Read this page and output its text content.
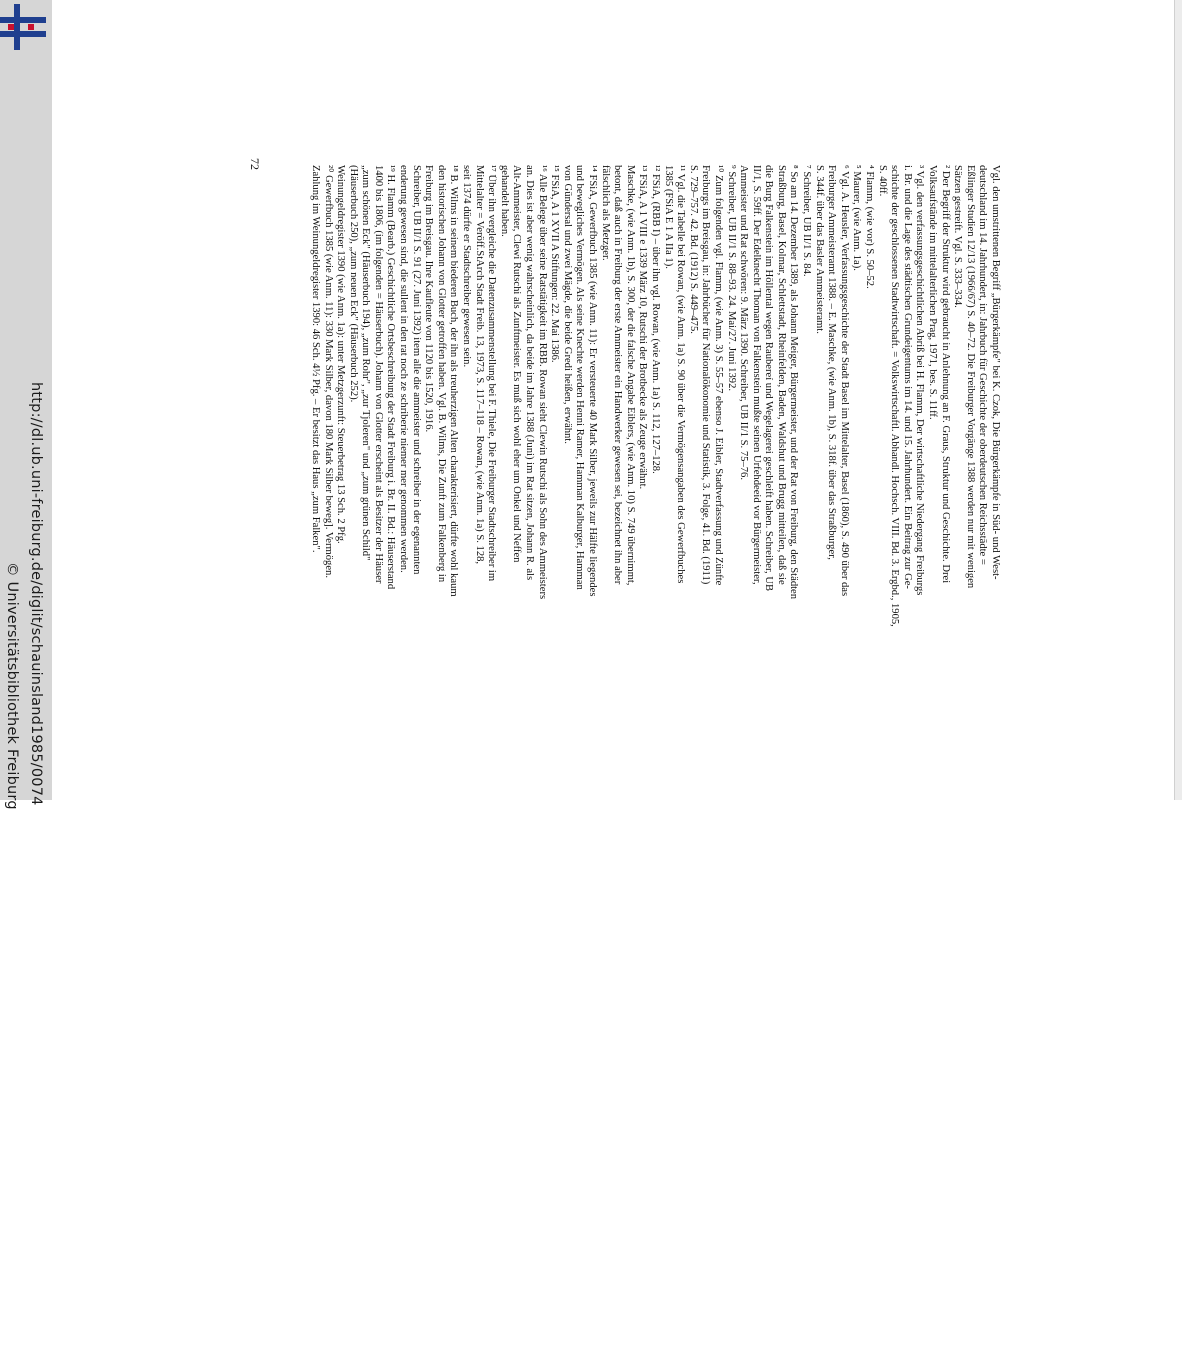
http://dl.ub.uni-freiburg.de/diglit/schauinsland1985/0074
© Universitätsbibliothek Freiburg

Vgl. den umstrittenen Begriff „Bürgerkämpfe" bei K. Czok, Die Bürgerkämpfe in Süd- und West-

deutschland im 14. Jahrhundert, in: Jahrbuch für Geschichte der oberdeutschen Reichsstädte =

Eßlinger Studien 12/13 (1966/67) S. 40–72. Die Freiburger Vorgänge 1388 werden nur mit wenigen

Sätzen gestreift. Vgl. S. 333–334.

² Der Begriff der Struktur wird gebraucht in Anlehnung an F. Graus, Struktur und Geschichte. Drei

Volksaufstände im mittelalterlichen Prag, 1971, bes. S. 11ff.

³ Vgl. den verfassungsgeschichtlichen Abriß bei H. Flamm, Der wirtschaftliche Niedergang Freiburgs

i. Br. und die Lage des städtischen Grundeigentums im 14. und 15. Jahrhundert. Ein Beitrag zur Ge-

schichte der geschlossenen Stadtwirtschaft. = Volkswirtschaftl. Abhandl. Hochsch. VIII. Bd. 3. Ergbd., 1905,

S. 40ff.

⁴ Flamm, (wie vor) S. 50–52.

⁵ Maurer, (wie Anm. 1a).

⁶ Vgl. A. Heusler, Verfassungsgeschichte der Stadt Basel im Mittelalter, Basel (1860), S. 490 über das

Freiburger Ammeisteramt 1388. – E. Maschke, (wie Anm. 1b), S. 318f. über das Straßburger,

S. 344f. über das Basler Ammeisteramt.

⁷ Schreiber, UB II/1 S. 84.

⁸ So am 14. Dezember 1389, als Johann Meiger, Bürgermeister, und der Rat von Freiburg, den Städten

Straßburg, Basel, Kolmar, Schlettstadt, Rheinfelden, Baden, Waldshut und Brugg mitteilen, daß sie

die Burg Falkenstein im Höllental wegen Raubereí und Wegelagerei geschleift haben. Schreiber, UB

II/1, S. 59ff. Der Edelknecht Thoman von Falkenstein mußte seinen Urfehdeeid vor Bürgermeister,

Ammeister und Rat schwören: 9. März 1390. Schreiber, UB II/1 S. 75–76.

⁹ Schreiber, UB II/1 S. 88–93. 24. Mai/27. Juni 1392.

¹⁰ Zum folgenden vgl. Flamm, (wie Anm. 3) S. 55–57 ebenso J. Eibler, Stadtverfassung und Zünfte

Freiburgs im Breisgau, in: Jahrbücher für Nationalökonomie und Statistik, 3. Folge, 41. Bd. (1911)

S. 729–757. 42. Bd. (1912) S. 449–475.

¹¹ Vgl. die Tabelle bei Rowan, (wie Anm. 1a) S. 90 über die Vermögensangaben des Gewerfbuches

1385 (FSiA E 1 A IIa 1).

¹² FSiA, (RBB I) – über ihn vgl. Rowan, (wie Anm. 1a) S. 112, 127–128.

¹³ FSiA, A 1 VIII e 1339 März 10, Rutschi der Brotbecke als Zeuge erwähnt.

Maschke, (wie Anm. 1b), S. 300, der die falsche Angabe Eiblers, (wie Anm. 10) S. 749 übernimmt,

betont, daß auch in Freiburg der erste Ammeister ein Handwerker gewesen sei, bezeichnet ihn aber

fälschlich als Metzger.

¹⁴ FSiA, Gewerfbuch 1385 (wie Anm. 11): Er versteuerte 40 Mark Silber, jeweils zur Hälfte liegendes

und bewegliches Vermögen. Als seine Knechte werden Henni Ramer, Hamman Kalburger, Hamman

von Gündersal und zwei Mägde, die beide Gredi heißen, erwähnt.

¹⁵ FSiA, A 1 XVII A Stiftungen: 22. Mai 1386.

¹⁶ Alle Belege über seine Ratstätigkeit im RBB. Rowan sieht Clewin Rutschi als Sohn des Ammeisters

an. Dies ist aber wenig wahrscheinlich, da beide im Jahre 1388 (Juni) im Rat sitzen, Johann R. als

Alt-Ammeister, Clewi Rutschi als Zunftmeister. Es muß sich wohl eher um Onkel und Neffen

gehandelt haben.

¹⁷ Über ihn vergleiche die Datenzusammenstellung bei F. Thiele, Die Freiburger Stadtschreiber im

Mittelalter = Veröff.StArch Stadt Freib. 13, 1973, S. 117–118 – Rowan, (wie Anm. 1a) S. 128,

seit 1374 dürfte er Stadtschreiber gewesen sein.

¹⁸ B. Wilms in seinem biederen Buch, der ihn als treuherzigen Alten charakterisiert, dürfte wohl kaum

den historischen Johann von Glotter getroffen haben. Vgl. B. Wilms, Die Zunft zum Falkenberg in

Freiburg im Breisgau. Ihre Kaufleute von 1120 bis 1520, 1916.

Schreiber, UB II/1 S. 91 (27. Juni 1392) item alle die ammeister und schreiber in der egenannten

enderung gewesen sind, die sullent in den rat noch ze schriberie niemer mer genommen werden.

¹⁹ H. Flamm (Bearb.) Geschichtliche Ortsbeschreibung der Stadt Freiburg i. Br. II. Bd.: Häuserstand

1400 bis 1806, (im folgenden = Häuserbuch). Johann von Glotter erscheint als Besitzer der Häuser

„zum schönen Eck" (Häuserbuch 194), „zum Rohr", „zur Tjoleren" und „zum grünen Schild"

(Häuserbuch 250), „zum neuen Eck" (Häuserbuch 252).

Weinungeldregister 1390 (wie Anm. 1a): unter Metzgerzunft: Steuerbetrag 13 Sch. 2 Pfg.

²⁰ Gewerfbuch 1385 (wie Anm. 11): 330 Mark Silber, davon 180 Mark Silber beweg]. Vermögen.

Zahlung im Weinungeldregister 1390: 46 Sch. 4½ Pfg. – Er besitzt das Haus „zum Falken".

72
